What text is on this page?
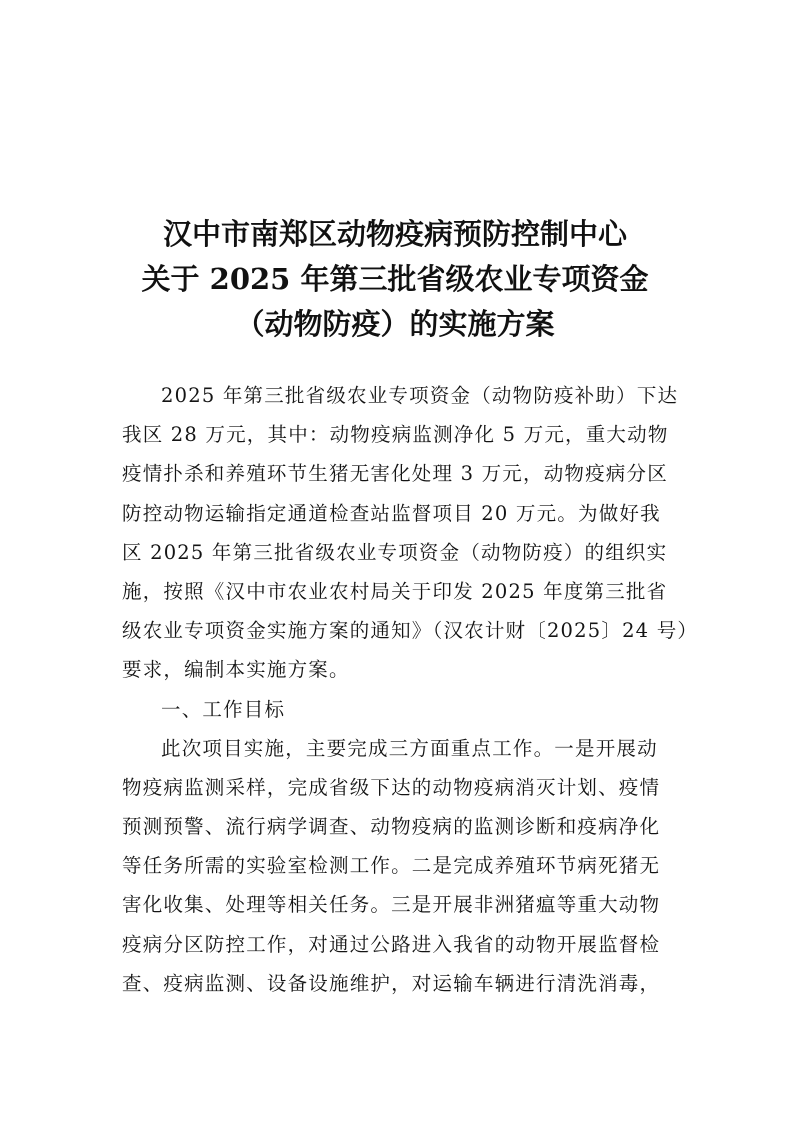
汉中市南郑区动物疫病预防控制中心
关于 2025 年第三批省级农业专项资金
（动物防疫）的实施方案
2025 年第三批省级农业专项资金（动物防疫补助）下达
我区 28 万元，其中：动物疫病监测净化 5 万元，重大动物
疫情扑杀和养殖环节生猪无害化处理 3 万元，动物疫病分区
防控动物运输指定通道检查站监督项目 20 万元。为做好我
区 2025 年第三批省级农业专项资金（动物防疫）的组织实
施，按照《汉中市农业农村局关于印发 2025 年度第三批省
级农业专项资金实施方案的通知》（汉农计财〔2025〕24 号）
要求，编制本实施方案。
一、工作目标
此次项目实施，主要完成三方面重点工作。一是开展动
物疫病监测采样，完成省级下达的动物疫病消灭计划、疫情
预测预警、流行病学调查、动物疫病的监测诊断和疫病净化
等任务所需的实验室检测工作。二是完成养殖环节病死猪无
害化收集、处理等相关任务。三是开展非洲猪瘟等重大动物
疫病分区防控工作，对通过公路进入我省的动物开展监督检
查、疫病监测、设备设施维护，对运输车辆进行清洗消毒，
